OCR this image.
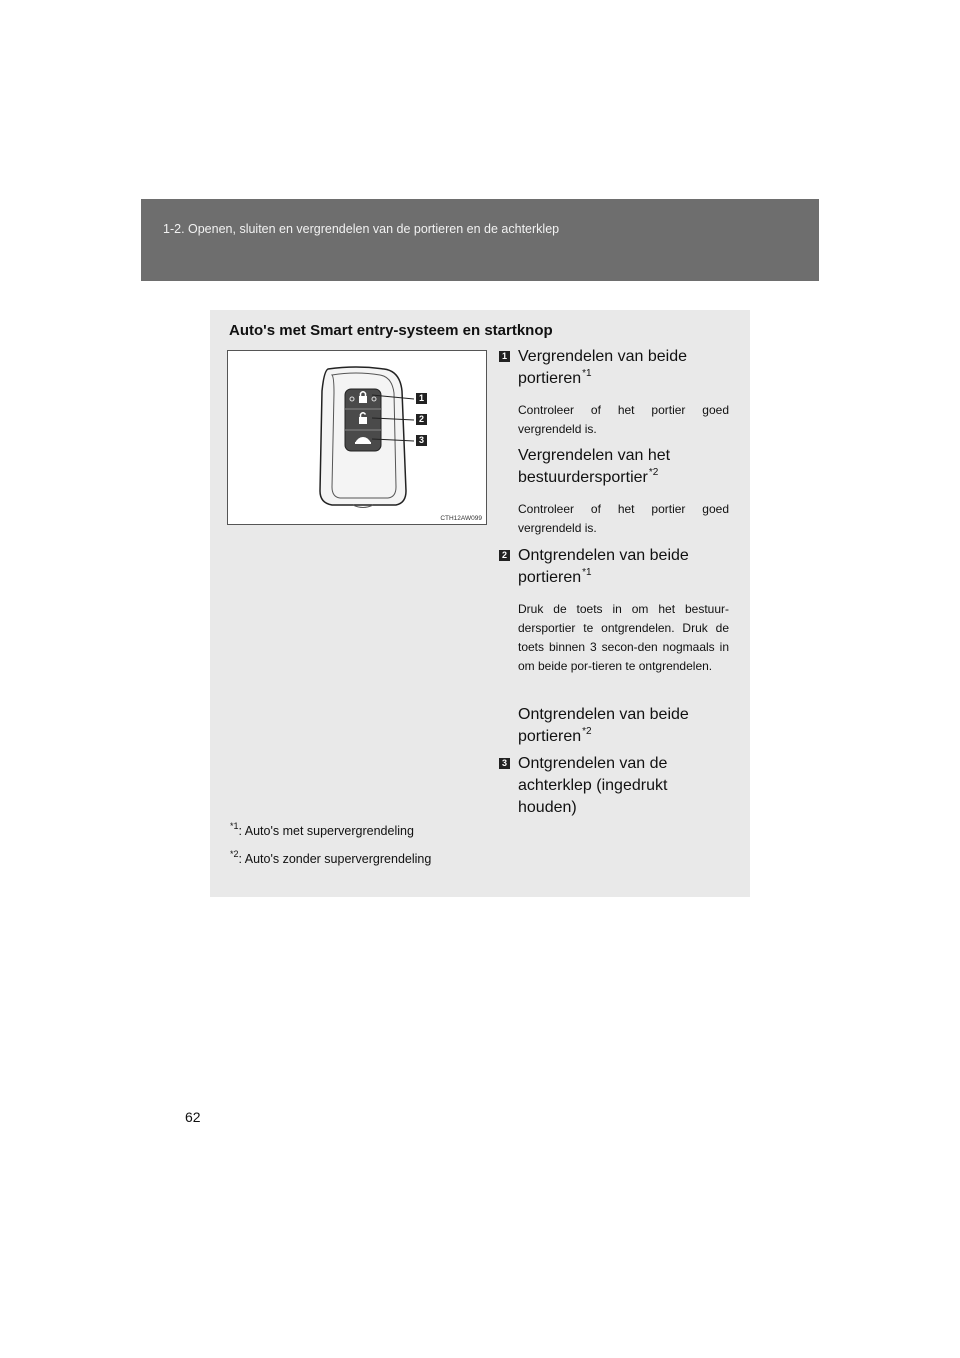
1-2. Openen, sluiten en vergrendelen van de portieren en de achterklep
Auto's met Smart entry-systeem en startknop
1
2
3
CTH12AW099
1 Vergrendelen van beide portieren$^{*1}$
Controleer of het portier goed vergrendeld is.
Vergrendelen van het bestuurdersportier$^{*2}$
Controleer of het portier goed vergrendeld is.
2 Ontgrendelen van beide portieren$^{*1}$
Druk de toets in om het bestuur-dersportier te ontgrendelen. Druk de toets binnen 3 secon-den nogmaals in om beide por-tieren te ontgrendelen.
Ontgrendelen van beide portieren$^{*2}$
3 Ontgrendelen van de achterklep (ingedrukt houden)
$^{*1}$: Auto's met supervergrendeling
$^{*2}$: Auto's zonder supervergrendeling
62
